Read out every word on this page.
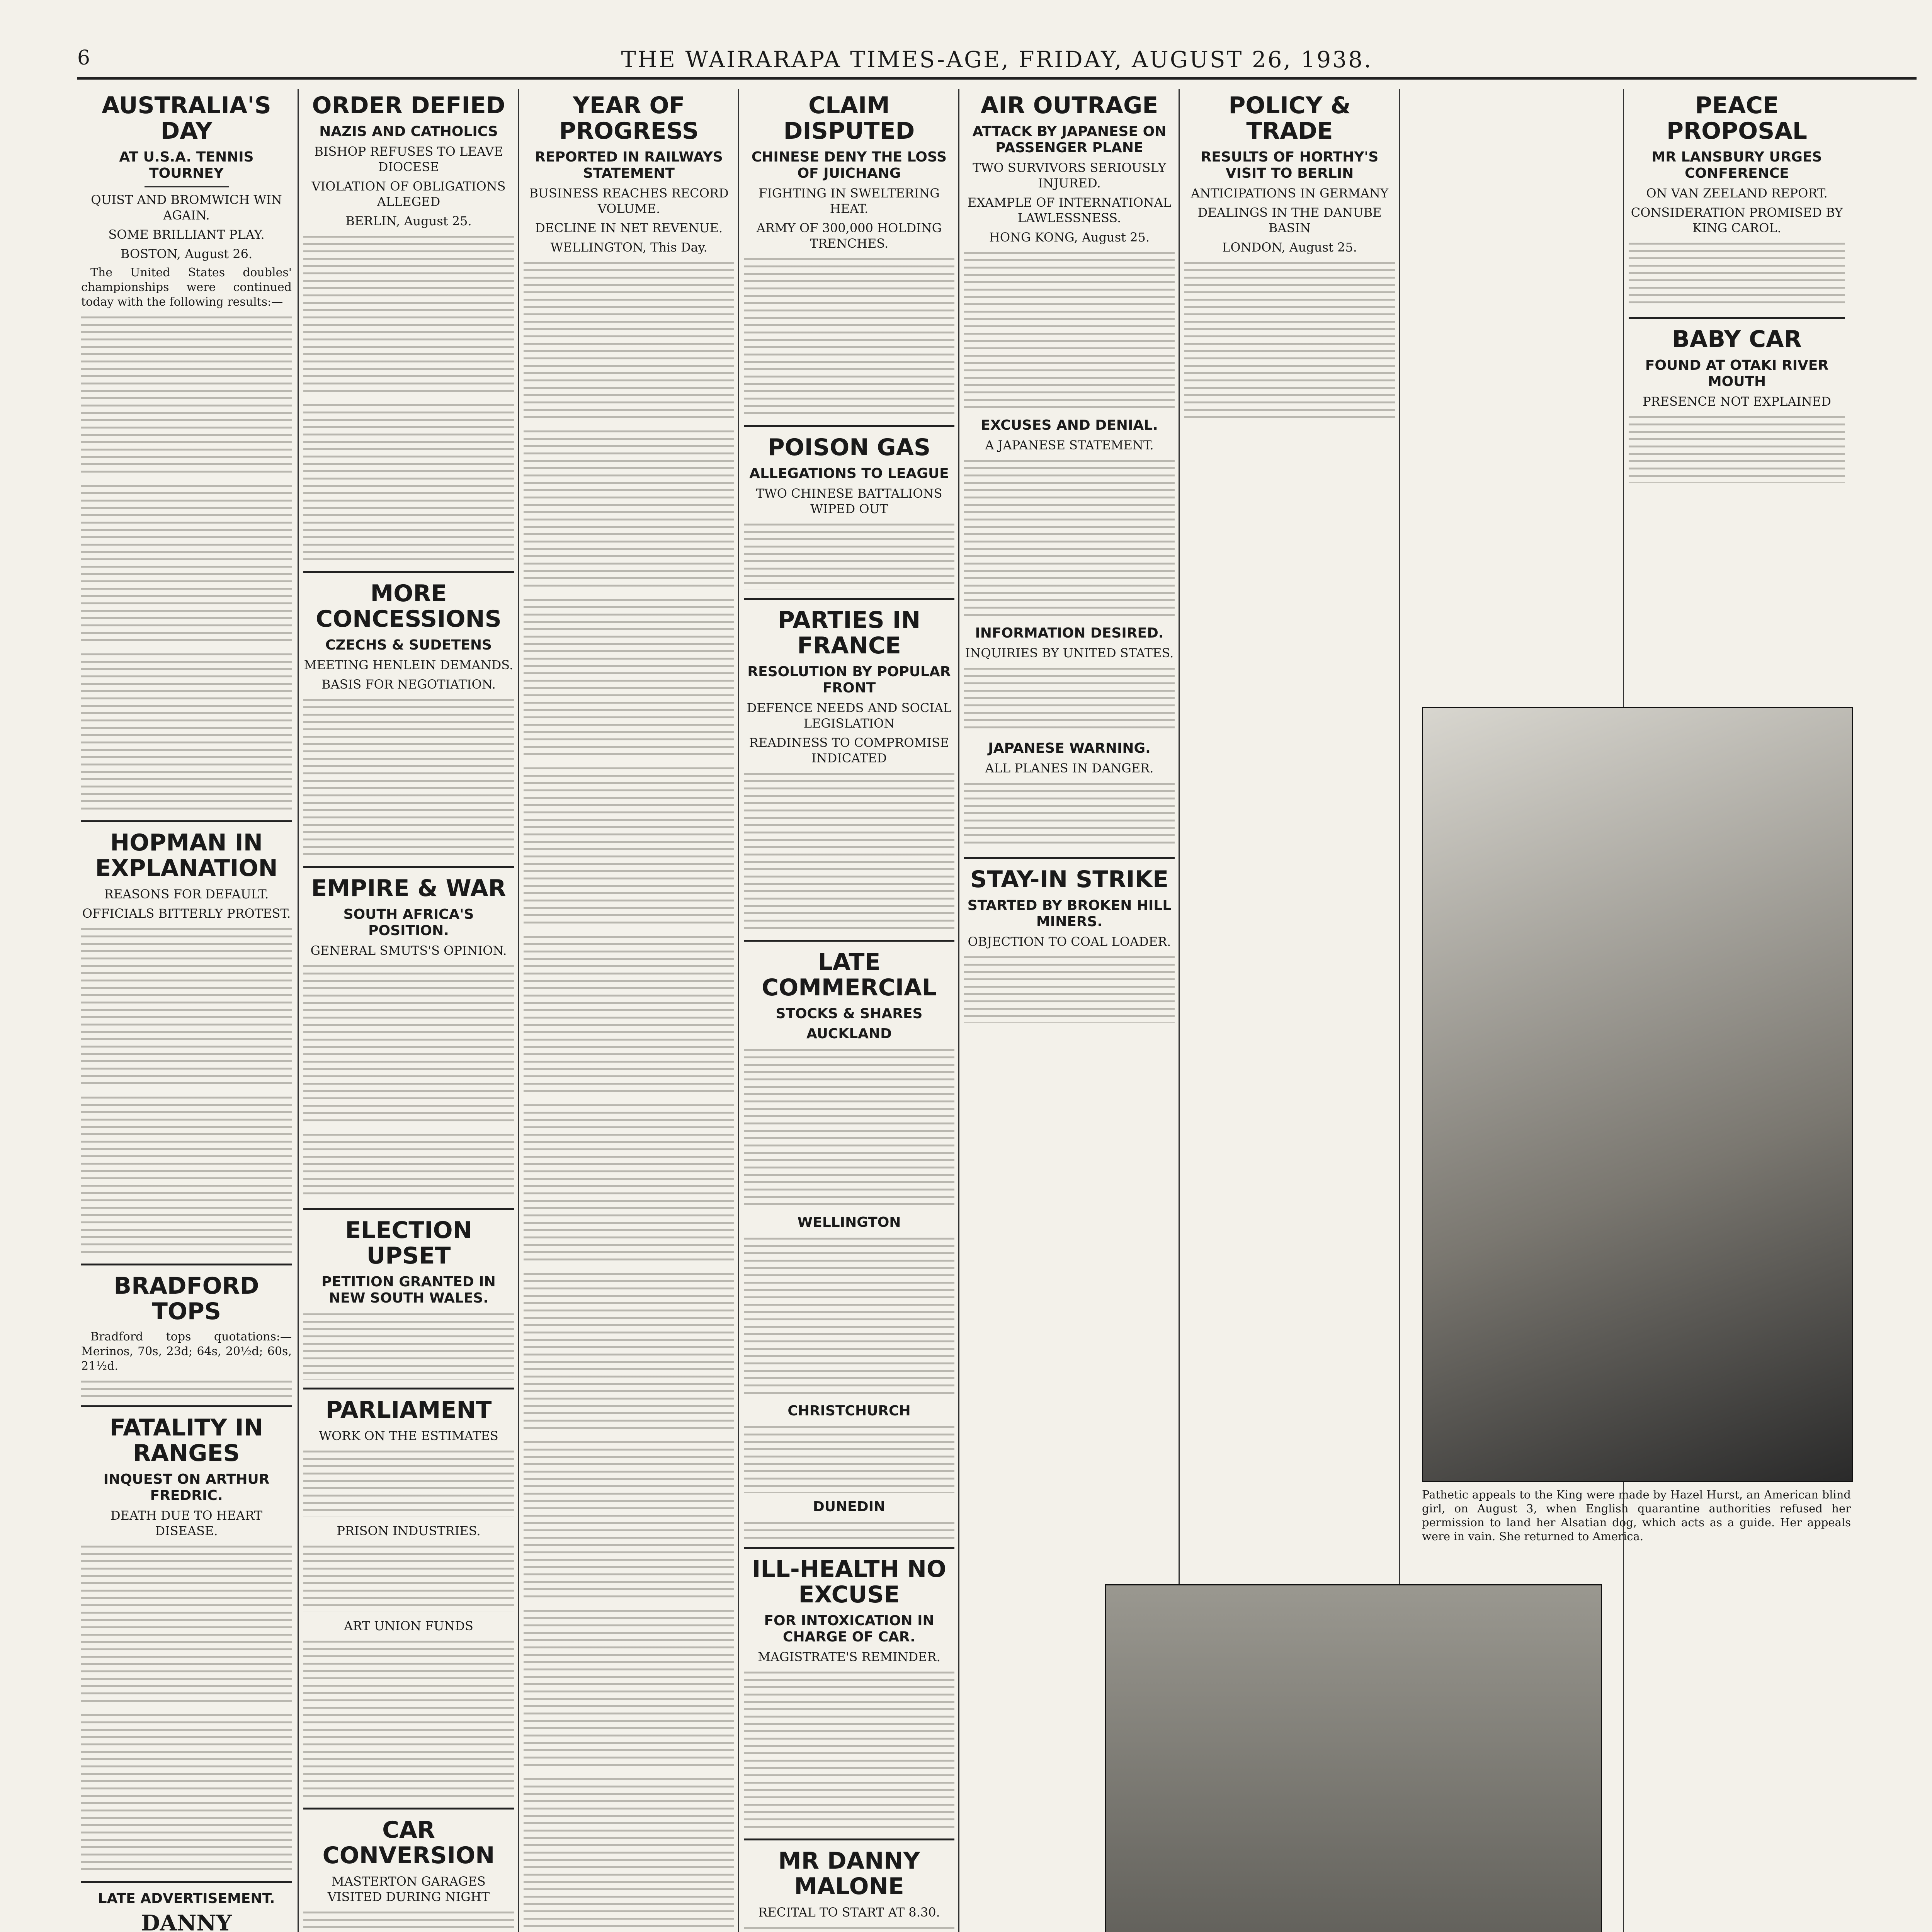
6	THE WAIRARAPA TIMES-AGE, FRIDAY, AUGUST 26, 1938.
AUSTRALIA'S DAY
AT U.S.A. TENNIS TOURNEY
QUIST AND BROMWICH WIN AGAIN.
SOME BRILLIANT PLAY.
BOSTON, August 26.

The United States doubles' championships were continued today with the following results:—

HOPMAN IN EXPLANATION
REASONS FOR DEFAULT.
OFFICIALS BITTERLY PROTEST.
BRADFORD TOPS

Bradford tops quotations:—Merinos, 70s, 23d; 64s, 20½d; 60s, 21½d.

FATALITY IN RANGES
INQUEST ON ARTHUR FREDRIC.
DEATH DUE TO HEART DISEASE.
LATE ADVERTISEMENT.
DANNY

ORDER DEFIED
NAZIS AND CATHOLICS
BISHOP REFUSES TO LEAVE DIOCESE
VIOLATION OF OBLIGATIONS ALLEGED
BERLIN, August 25.
MORE CONCESSIONS
CZECHS & SUDETENS
MEETING HENLEIN DEMANDS.
BASIS FOR NEGOTIATION.
EMPIRE & WAR
SOUTH AFRICA'S POSITION.
GENERAL SMUTS'S OPINION.
ELECTION UPSET
PETITION GRANTED IN NEW SOUTH WALES.
PARLIAMENT
WORK ON THE ESTIMATES
PRISON INDUSTRIES.
ART UNION FUNDS
CAR CONVERSION
MASTERTON GARAGES VISITED DURING NIGHT
YEAR OF PROGRESS
REPORTED IN RAILWAYS STATEMENT
BUSINESS REACHES RECORD VOLUME.
DECLINE IN NET REVENUE.
WELLINGTON, This Day.
CLAIM DISPUTED
CHINESE DENY THE LOSS OF JUICHANG
FIGHTING IN SWELTERING HEAT.
ARMY OF 300,000 HOLDING TRENCHES.
POISON GAS
ALLEGATIONS TO LEAGUE
TWO CHINESE BATTALIONS WIPED OUT
PARTIES IN FRANCE
RESOLUTION BY POPULAR FRONT
DEFENCE NEEDS AND SOCIAL LEGISLATION
READINESS TO COMPROMISE INDICATED
LATE COMMERCIAL
STOCKS & SHARES
AUCKLAND
WELLINGTON
CHRISTCHURCH
DUNEDIN
ILL-HEALTH NO EXCUSE
FOR INTOXICATION IN CHARGE OF CAR.
MAGISTRATE'S REMINDER.
MR DANNY MALONE
RECITAL TO START AT 8.30.
AIR OUTRAGE
ATTACK BY JAPANESE ON PASSENGER PLANE
TWO SURVIVORS SERIOUSLY INJURED.
EXAMPLE OF INTERNATIONAL LAWLESSNESS.
HONG KONG, August 25.
EXCUSES AND DENIAL.
A JAPANESE STATEMENT.
INFORMATION DESIRED.
INQUIRIES BY UNITED STATES.
JAPANESE WARNING.
ALL PLANES IN DANGER.
STAY-IN STRIKE
STARTED BY BROKEN HILL MINERS.
OBJECTION TO COAL LOADER.
POLICY & TRADE
RESULTS OF HORTHY'S VISIT TO BERLIN
ANTICIPATIONS IN GERMANY
DEALINGS IN THE DANUBE BASIN
LONDON, August 25.
PEACE PROPOSAL
MR LANSBURY URGES CONFERENCE
ON VAN ZEELAND REPORT.
CONSIDERATION PROMISED BY KING CAROL.
BABY CAR
FOUND AT OTAKI RIVER MOUTH
PRESENCE NOT EXPLAINED
Pathetic appeals to the King were made by Hazel Hurst, an American blind girl, on August 3, when English quarantine authorities refused her permission to land her Alsatian dog, which acts as a guide. Her appeals were in vain. She returned to America.
